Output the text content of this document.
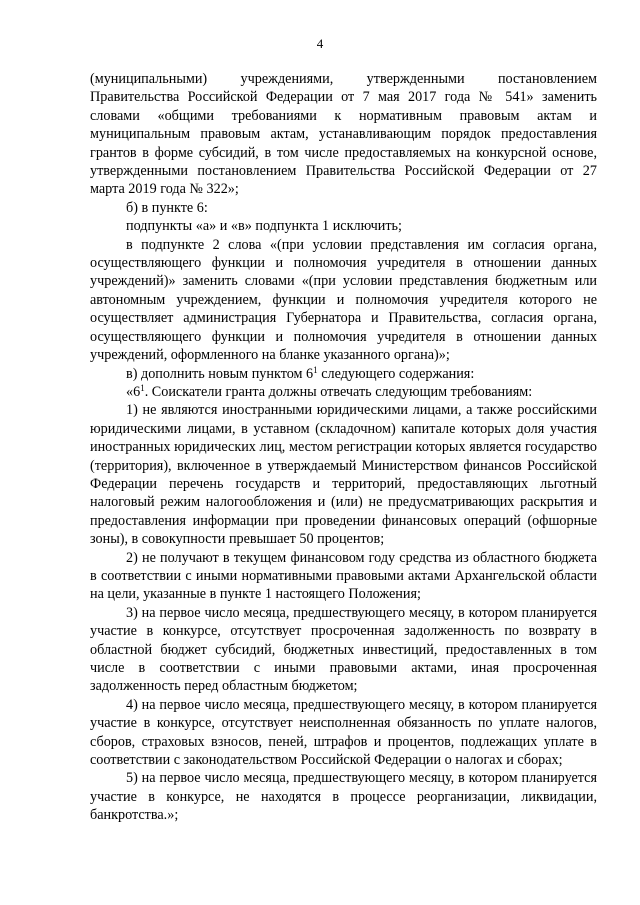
4

(муниципальными) учреждениями, утвержденными постановлением Правительства Российской Федерации от 7 мая 2017 года № 541» заменить словами «общими требованиями к нормативным правовым актам и муниципальным правовым актам, устанавливающим порядок предоставления грантов в форме субсидий, в том числе предоставляемых на конкурсной основе, утвержденными постановлением Правительства Российской Федерации от 27 марта 2019 года № 322»;

б) в пункте 6:

подпункты «а» и «в» подпункта 1 исключить;

в подпункте 2 слова «(при условии представления им согласия органа, осуществляющего функции и полномочия учредителя в отношении данных учреждений)» заменить словами «(при условии представления бюджетным или автономным учреждением, функции и полномочия учредителя которого не осуществляет администрация Губернатора и Правительства, согласия органа, осуществляющего функции и полномочия учредителя в отношении данных учреждений, оформленного на бланке указанного органа)»;

в) дополнить новым пунктом $6^1$ следующего содержания:

«$6^1$. Соискатели гранта должны отвечать следующим требованиям:

1) не являются иностранными юридическими лицами, а также российскими юридическими лицами, в уставном (складочном) капитале которых доля участия иностранных юридических лиц, местом регистрации которых является государство (территория), включенное в утверждаемый Министерством финансов Российской Федерации перечень государств и территорий, предоставляющих льготный налоговый режим налогообложения и (или) не предусматривающих раскрытия и предоставления информации при проведении финансовых операций (офшорные зоны), в совокупности превышает 50 процентов;

2) не получают в текущем финансовом году средства из областного бюджета в соответствии с иными нормативными правовыми актами Архангельской области на цели, указанные в пункте 1 настоящего Положения;

3) на первое число месяца, предшествующего месяцу, в котором планируется участие в конкурсе, отсутствует просроченная задолженность по возврату в областной бюджет субсидий, бюджетных инвестиций, предоставленных в том числе в соответствии с иными правовыми актами, иная просроченная задолженность перед областным бюджетом;

4) на первое число месяца, предшествующего месяцу, в котором планируется участие в конкурсе, отсутствует неисполненная обязанность по уплате налогов, сборов, страховых взносов, пеней, штрафов и процентов, подлежащих уплате в соответствии с законодательством Российской Федерации о налогах и сборах;

5) на первое число месяца, предшествующего месяцу, в котором планируется участие в конкурсе, не находятся в процессе реорганизации, ликвидации, банкротства.»;
